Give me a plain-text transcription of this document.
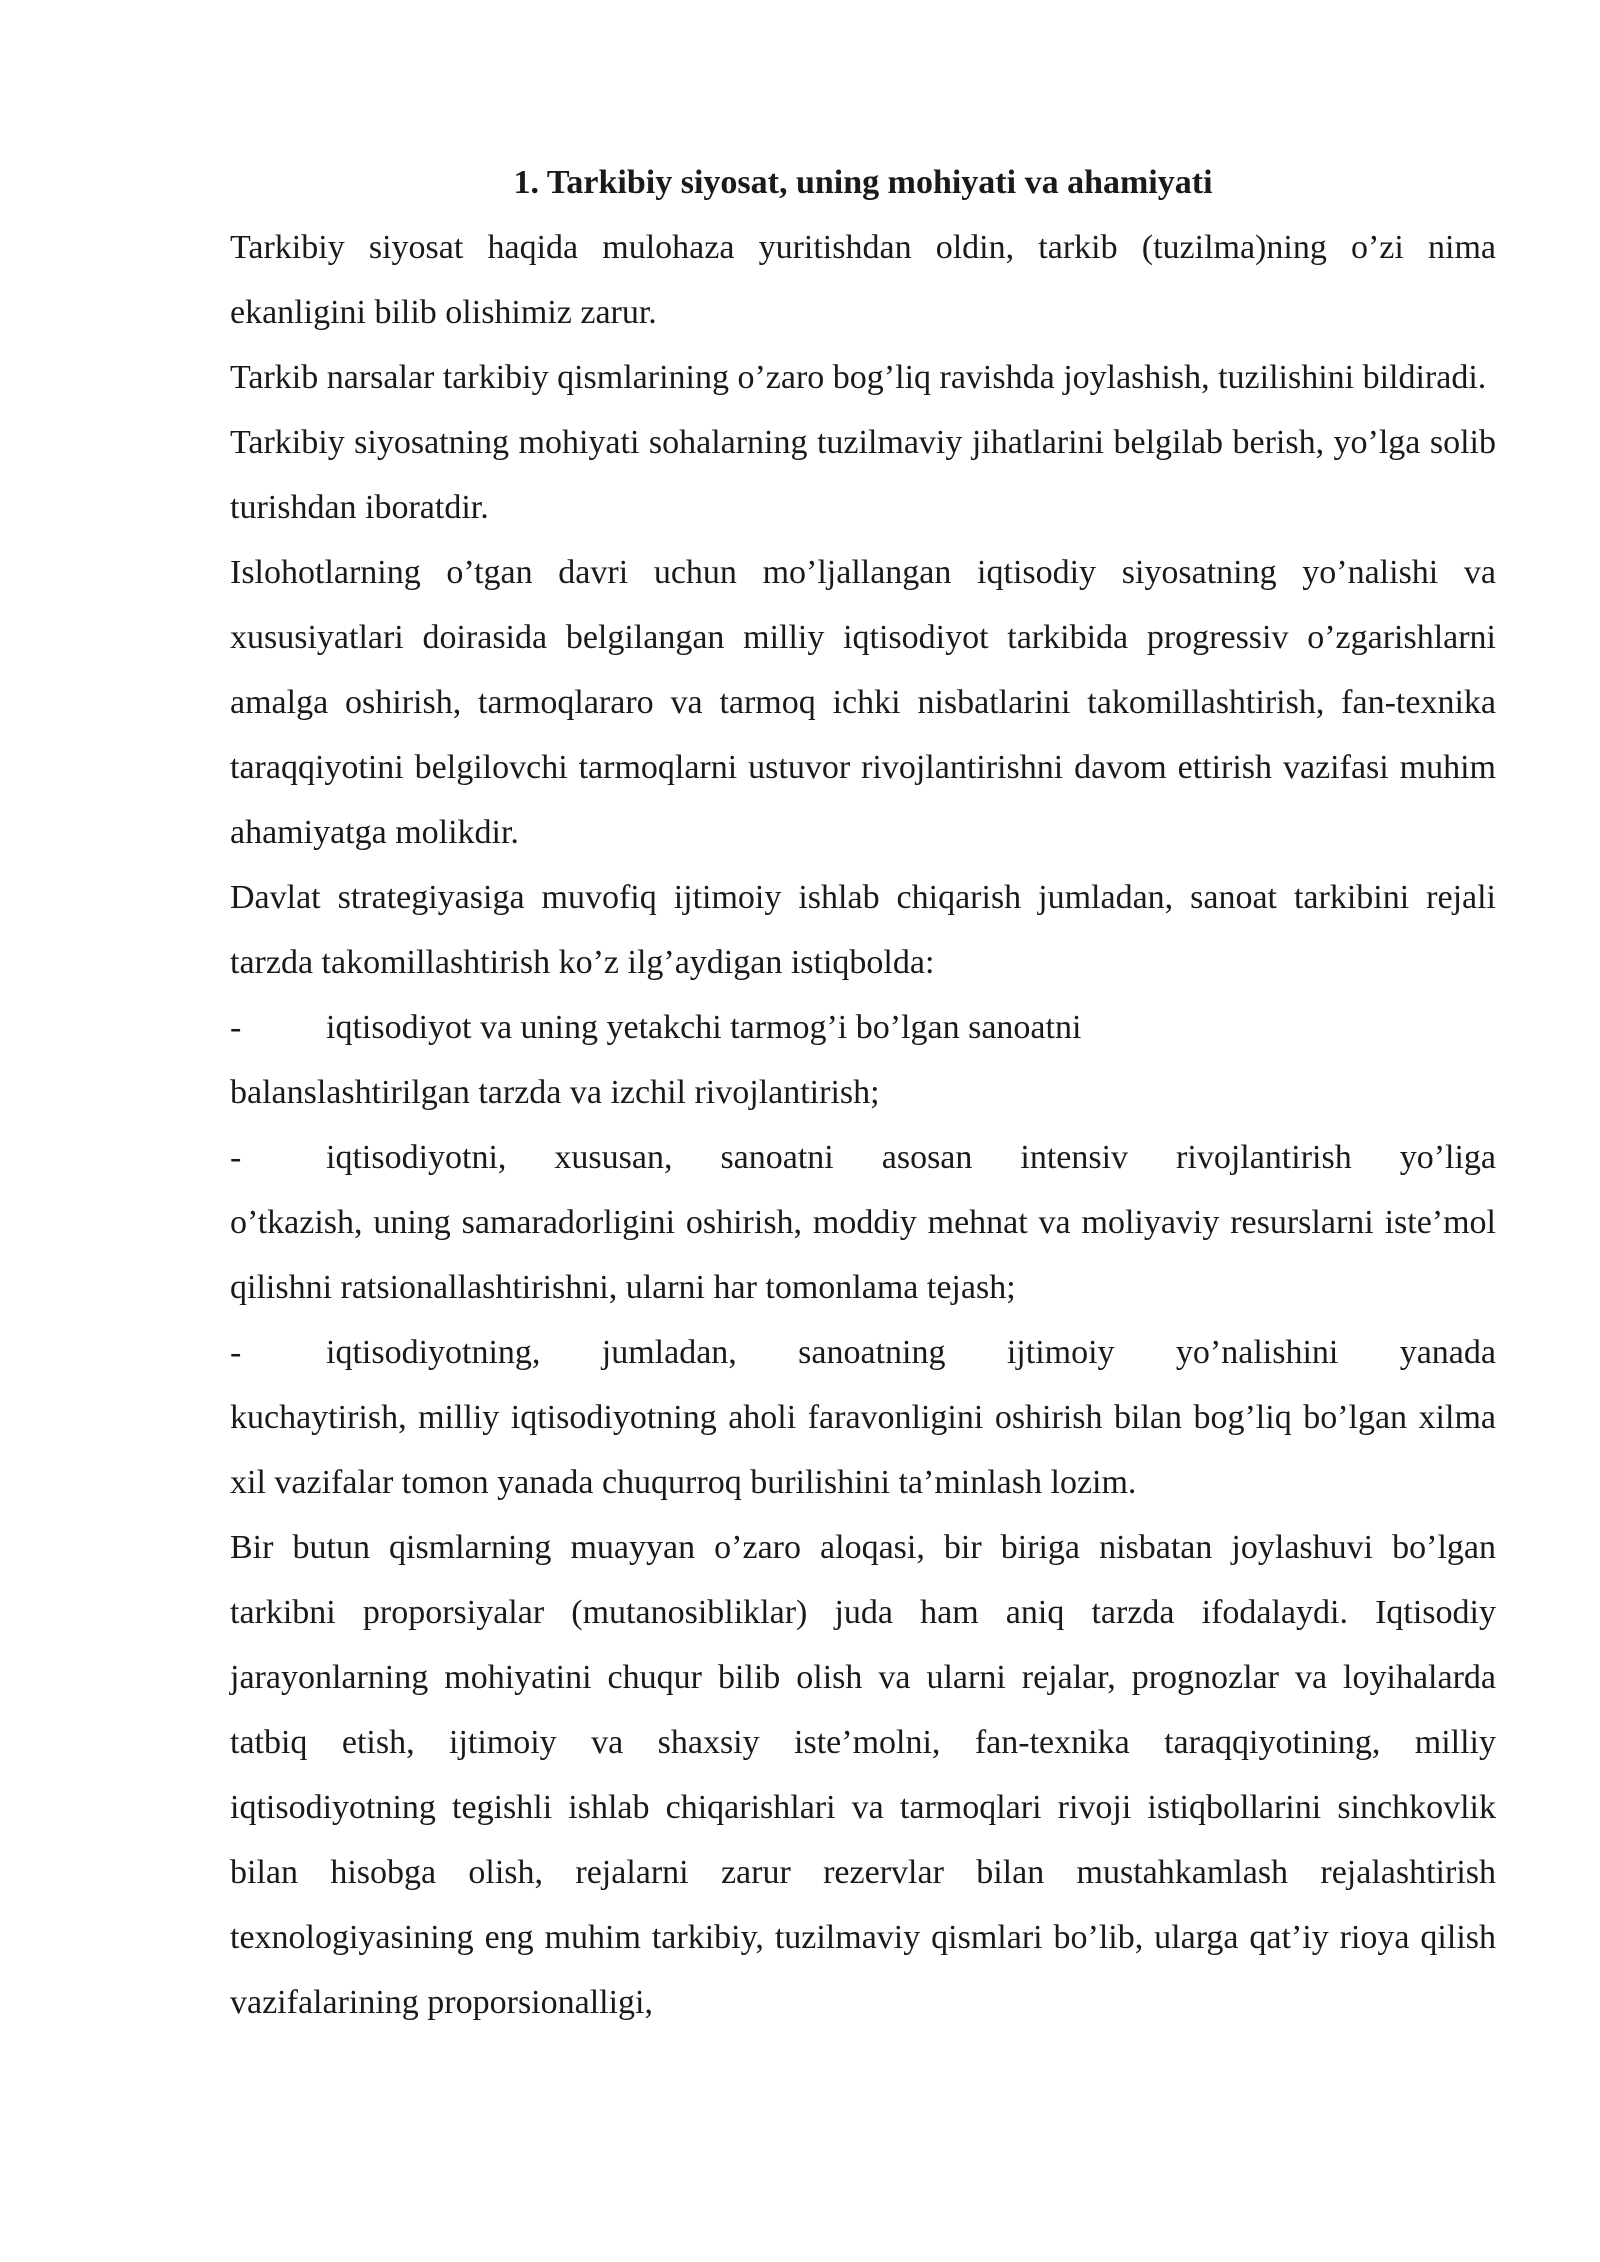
1. Tarkibiy siyosat, uning mohiyati va ahamiyati

Tarkibiy siyosat haqida mulohaza yuritishdan oldin, tarkib (tuzilma)ning o’zi nima ekanligini bilib olishimiz zarur.

Tarkib narsalar tarkibiy qismlarining o’zaro bog’liq ravishda joylashish, tuzilishini bildiradi.

Tarkibiy siyosatning mohiyati sohalarning tuzilmaviy jihatlarini belgilab berish, yo’lga solib turishdan iboratdir.

Islohotlarning o’tgan davri uchun mo’ljallangan iqtisodiy siyosatning yo’nalishi va xususiyatlari doirasida belgilangan milliy iqtisodiyot tarkibida progressiv o’zgarishlarni amalga oshirish, tarmoqlararo va tarmoq ichki nisbatlarini takomillashtirish, fan-texnika taraqqiyotini belgilovchi tarmoqlarni ustuvor rivojlantirishni davom ettirish vazifasi muhim ahamiyatga molikdir.

Davlat strategiyasiga muvofiq ijtimoiy ishlab chiqarish jumladan, sanoat tarkibini rejali tarzda takomillashtirish ko’z ilg’aydigan istiqbolda:

-	iqtisodiyot va uning yetakchi tarmog’i bo’lgan sanoatni
balanslashtirilgan tarzda va izchil rivojlantirish;
-	iqtisodiyotni, xususan, sanoatni asosan intensiv rivojlantirish yo’liga
o’tkazish, uning samaradorligini oshirish, moddiy mehnat va moliyaviy resurslarni iste’mol qilishni ratsionallashtirishni, ularni har tomonlama tejash;
-	iqtisodiyotning, jumladan, sanoatning ijtimoiy yo’nalishini yanada
kuchaytirish, milliy iqtisodiyotning aholi faravonligini oshirish bilan bog’liq bo’lgan xilma xil vazifalar tomon yanada chuqurroq burilishini ta’minlash lozim.

Bir butun qismlarning muayyan o’zaro aloqasi, bir biriga nisbatan joylashuvi bo’lgan tarkibni proporsiyalar (mutanosibliklar) juda ham aniq tarzda ifodalaydi. Iqtisodiy jarayonlarning mohiyatini chuqur bilib olish va ularni rejalar, prognozlar va loyihalarda tatbiq etish, ijtimoiy va shaxsiy iste’molni, fan-texnika taraqqiyotining, milliy iqtisodiyotning tegishli ishlab chiqarishlari va tarmoqlari rivoji istiqbollarini sinchkovlik bilan hisobga olish, rejalarni zarur rezervlar bilan mustahkamlash rejalashtirish texnologiyasining eng muhim tarkibiy, tuzilmaviy qismlari bo’lib, ularga qat’iy rioya qilish vazifalarining proporsionalligi,
